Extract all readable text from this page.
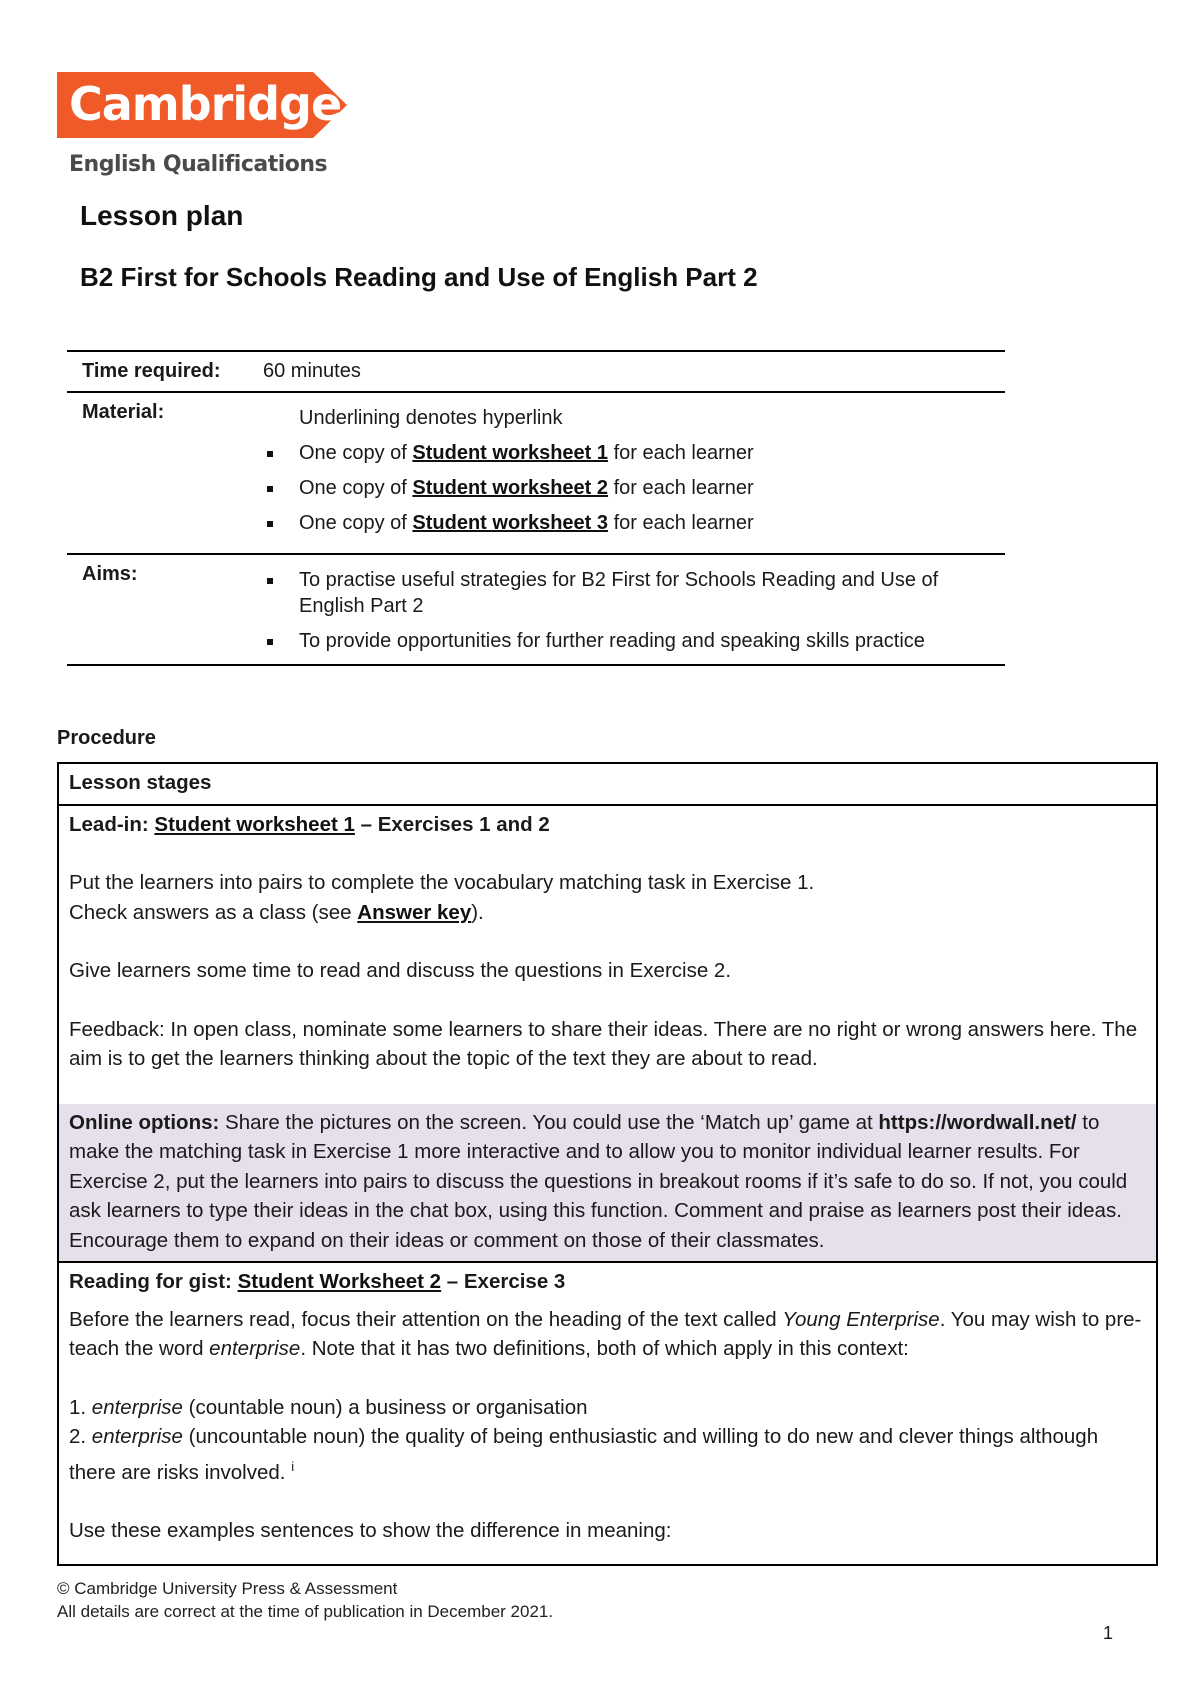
Cambridge
English Qualifications
Lesson plan
B2 First for Schools Reading and Use of English Part 2
Time required:	60 minutes
Material:	Underlining denotes hyperlink
One copy of Student worksheet 1 for each learner
One copy of Student worksheet 2 for each learner
One copy of Student worksheet 3 for each learner
Aims:	To practise useful strategies for B2 First for Schools Reading and Use of English Part 2
To provide opportunities for further reading and speaking skills practice
Procedure
Lesson stages

Lead-in: Student worksheet 1 – Exercises 1 and 2

Put the learners into pairs to complete the vocabulary matching task in Exercise 1.

Check answers as a class (see Answer key).

Give learners some time to read and discuss the questions in Exercise 2.

Feedback: In open class, nominate some learners to share their ideas. There are no right or wrong answers here. The aim is to get the learners thinking about the topic of the text they are about to read.

Online options: Share the pictures on the screen. You could use the ‘Match up’ game at https://wordwall.net/ to make the matching task in Exercise 1 more interactive and to allow you to monitor individual learner results. For Exercise 2, put the learners into pairs to discuss the questions in breakout rooms if it’s safe to do so. If not, you could ask learners to type their ideas in the chat box, using this function. Comment and praise as learners post their ideas. Encourage them to expand on their ideas or comment on those of their classmates.

Reading for gist: Student Worksheet 2 – Exercise 3

Before the learners read, focus their attention on the heading of the text called Young Enterprise. You may wish to pre-teach the word enterprise. Note that it has two definitions, both of which apply in this context:

1. enterprise (countable noun) a business or organisation

2. enterprise (uncountable noun) the quality of being enthusiastic and willing to do new and clever things although there are risks involved. $^i$

Use these examples sentences to show the difference in meaning:

© Cambridge University Press & Assessment
All details are correct at the time of publication in December 2021.
1
